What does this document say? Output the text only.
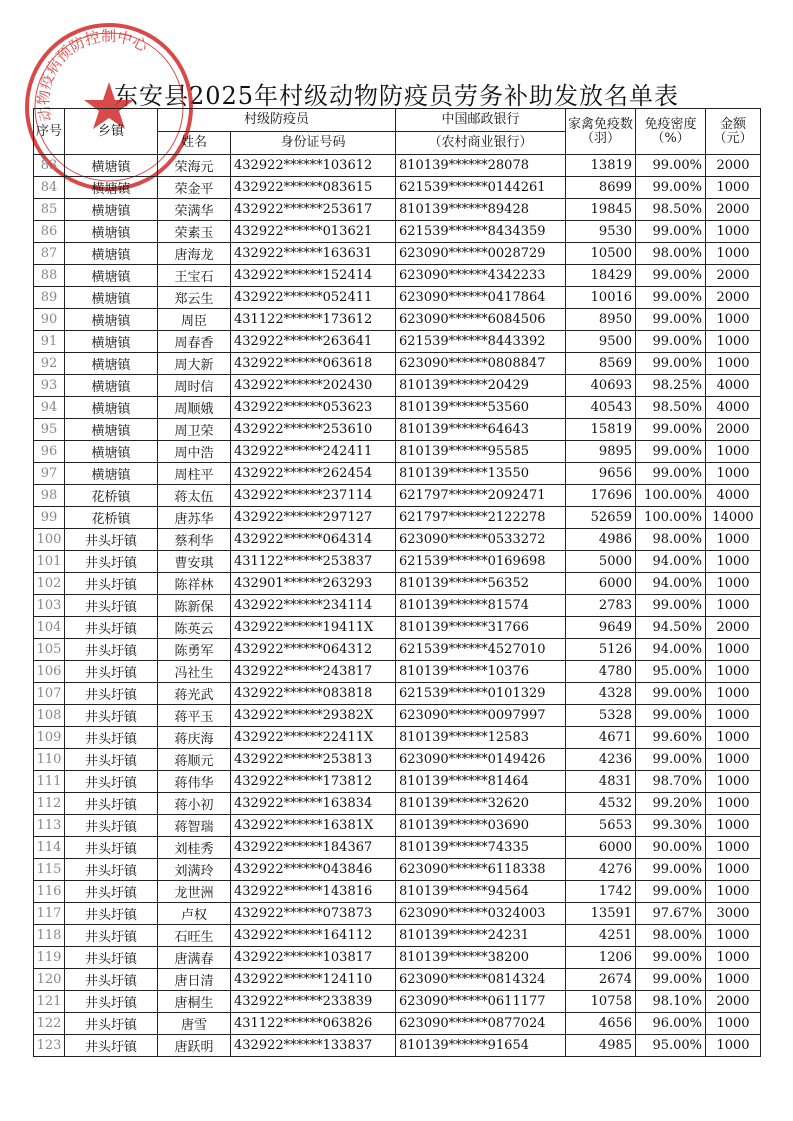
东安县2025年村级动物防疫员劳务补助发放名单表
动物疫病预防控制中心
序号	乡镇	村级防疫员		中国邮政银行	家禽免疫数（羽）	免疫密度（%）	金额（元）
		姓名	身份证号码	（农村商业银行）			
83	横塘镇	荣海元	432922******103612	810139******28078	13819	99.00%	2000
84	横塘镇	荣金平	432922******083615	621539******0144261	8699	99.00%	1000
85	横塘镇	荣满华	432922******253617	810139******89428	19845	98.50%	2000
86	横塘镇	荣素玉	432922******013621	621539******8434359	9530	99.00%	1000
87	横塘镇	唐海龙	432922******163631	623090******0028729	10500	98.00%	1000
88	横塘镇	王宝石	432922******152414	623090******4342233	18429	99.00%	2000
89	横塘镇	郑云生	432922******052411	623090******0417864	10016	99.00%	2000
90	横塘镇	周臣	431122******173612	623090******6084506	8950	99.00%	1000
91	横塘镇	周春香	432922******263641	621539******8443392	9500	99.00%	1000
92	横塘镇	周大新	432922******063618	623090******0808847	8569	99.00%	1000
93	横塘镇	周时信	432922******202430	810139******20429	40693	98.25%	4000
94	横塘镇	周顺娥	432922******053623	810139******53560	40543	98.50%	4000
95	横塘镇	周卫荣	432922******253610	810139******64643	15819	99.00%	2000
96	横塘镇	周中浩	432922******242411	810139******95585	9895	99.00%	1000
97	横塘镇	周柱平	432922******262454	810139******13550	9656	99.00%	1000
98	花桥镇	蒋太伍	432922******237114	621797******2092471	17696	100.00%	4000
99	花桥镇	唐苏华	432922******297127	621797******2122278	52659	100.00%	14000
100	井头圩镇	蔡利华	432922******064314	623090******0533272	4986	98.00%	1000
101	井头圩镇	曹安琪	431122******253837	621539******0169698	5000	94.00%	1000
102	井头圩镇	陈祥林	432901******263293	810139******56352	6000	94.00%	1000
103	井头圩镇	陈新保	432922******234114	810139******81574	2783	99.00%	1000
104	井头圩镇	陈英云	432922******19411X	810139******31766	9649	94.50%	2000
105	井头圩镇	陈勇军	432922******064312	621539******4527010	5126	94.00%	1000
106	井头圩镇	冯社生	432922******243817	810139******10376	4780	95.00%	1000
107	井头圩镇	蒋光武	432922******083818	621539******0101329	4328	99.00%	1000
108	井头圩镇	蒋平玉	432922******29382X	623090******0097997	5328	99.00%	1000
109	井头圩镇	蒋庆海	432922******22411X	810139******12583	4671	99.60%	1000
110	井头圩镇	蒋顺元	432922******253813	623090******0149426	4236	99.00%	1000
111	井头圩镇	蒋伟华	432922******173812	810139******81464	4831	98.70%	1000
112	井头圩镇	蒋小初	432922******163834	810139******32620	4532	99.20%	1000
113	井头圩镇	蒋智瑞	432922******16381X	810139******03690	5653	99.30%	1000
114	井头圩镇	刘桂秀	432922******184367	810139******74335	6000	90.00%	1000
115	井头圩镇	刘满玲	432922******043846	623090******6118338	4276	99.00%	1000
116	井头圩镇	龙世洲	432922******143816	810139******94564	1742	99.00%	1000
117	井头圩镇	卢权	432922******073873	623090******0324003	13591	97.67%	3000
118	井头圩镇	石旺生	432922******164112	810139******24231	4251	98.00%	1000
119	井头圩镇	唐满春	432922******103817	810139******38200	1206	99.00%	1000
120	井头圩镇	唐日清	432922******124110	623090******0814324	2674	99.00%	1000
121	井头圩镇	唐桐生	432922******233839	623090******0611177	10758	98.10%	2000
122	井头圩镇	唐雪	431122******063826	623090******0877024	4656	96.00%	1000
123	井头圩镇	唐跃明	432922******133837	810139******91654	4985	95.00%	1000
